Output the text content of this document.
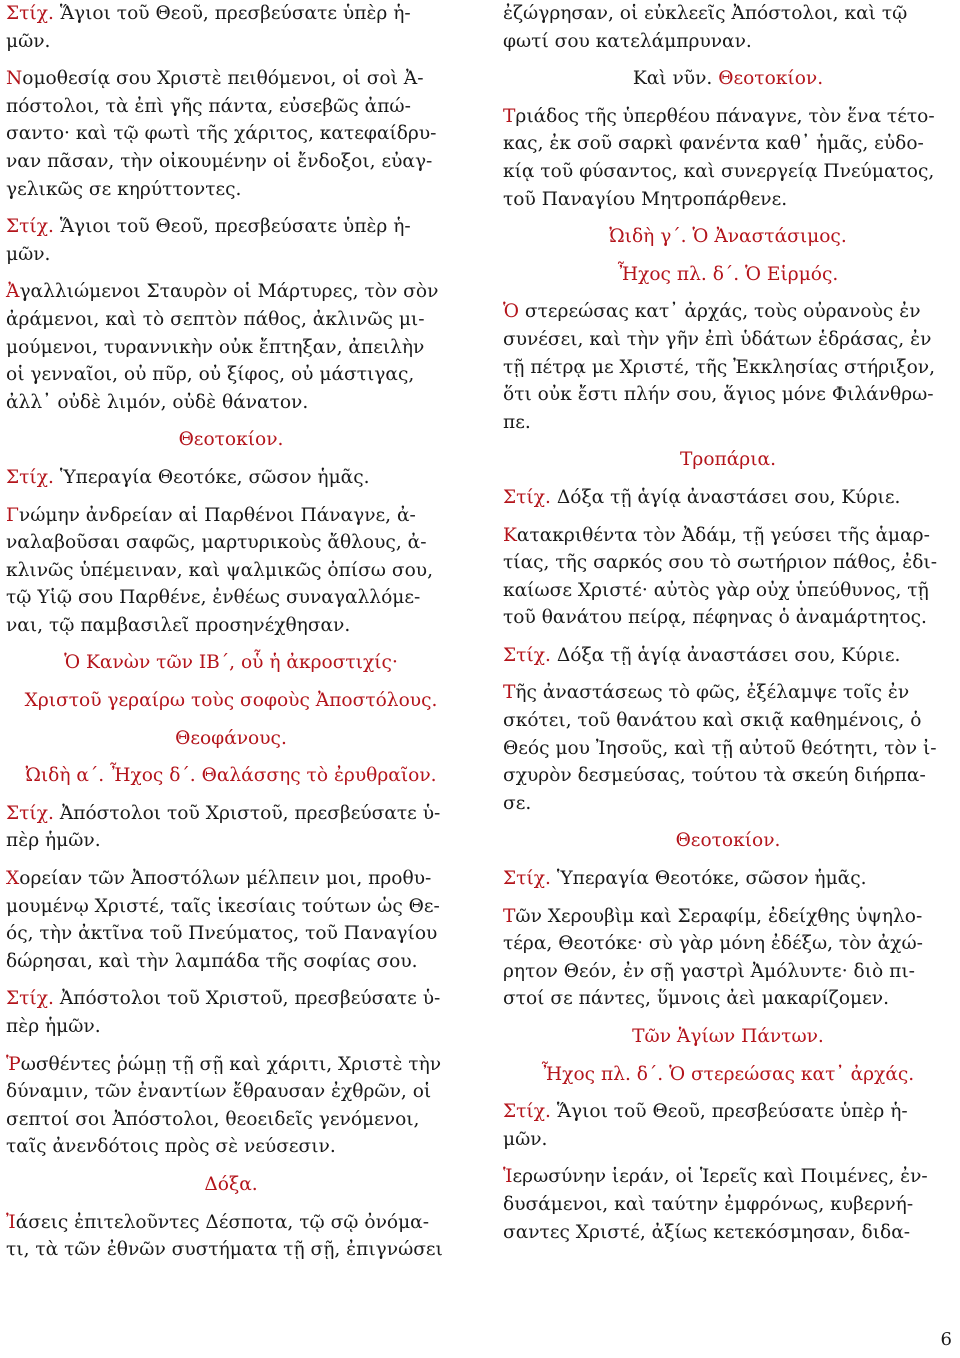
Στίχ. Ἅγιοι τοῦ Θεοῦ, πρεσβεύσατε ὑπὲρ ἡ-
μῶν.
Νομοθεσίᾳ σου Χριστὲ πειθόμενοι, οἱ σοὶ Ἀ-
πόστολοι, τὰ ἐπὶ γῆς πάντα, εὐσεβῶς ἀπώ-
σαντο· καὶ τῷ φωτὶ τῆς χάριτος, κατεφαίδρυ-
ναν πᾶσαν, τὴν οἰκουμένην οἱ ἔνδοξοι, εὐαγ-
γελικῶς σε κηρύττοντες.
Στίχ. Ἅγιοι τοῦ Θεοῦ, πρεσβεύσατε ὑπὲρ ἡ-
μῶν.
Ἀγαλλιώμενοι Σταυρὸν οἱ Μάρτυρες, τὸν σὸν
ἀράμενοι, καὶ τὸ σεπτὸν πάθος, ἀκλινῶς μι-
μούμενοι, τυραννικὴν οὐκ ἔπτηξαν, ἀπειλὴν
οἱ γενναῖοι, οὐ πῦρ, οὐ ξίφος, οὐ μάστιγας,
ἀλλ᾽ οὐδὲ λιμόν, οὐδὲ θάνατον.
Θεοτοκίον.
Στίχ. Ὑπεραγία Θεοτόκε, σῶσον ἡμᾶς.
Γνώμην ἀνδρείαν αἱ Παρθένοι Πάναγνε, ἀ-
ναλαβοῦσαι σαφῶς, μαρτυρικοὺς ἄθλους, ἀ-
κλινῶς ὑπέμειναν, καὶ ψαλμικῶς ὀπίσω σου,
τῷ Υἱῷ σου Παρθένε, ἐνθέως συναγαλλόμε-
ναι, τῷ παμβασιλεῖ προσηνέχθησαν.
Ὁ Κανὼν τῶν ΙΒ´, οὗ ἡ ἀκροστιχίς·
Χριστοῦ γεραίρω τοὺς σοφοὺς Ἀποστόλους.
Θεοφάνους.
Ὠιδὴ α´. Ἦχος δ´. Θαλάσσης τὸ ἐρυθραῖον.
Στίχ. Ἀπόστολοι τοῦ Χριστοῦ, πρεσβεύσατε ὑ-
πὲρ ἡμῶν.
Χορείαν τῶν Ἀποστόλων μέλπειν μοι, προθυ-
μουμένῳ Χριστέ, ταῖς ἱκεσίαις τούτων ὡς Θε-
ός, τὴν ἀκτῖνα τοῦ Πνεύματος, τοῦ Παναγίου
δώρησαι, καὶ τὴν λαμπάδα τῆς σοφίας σου.
Στίχ. Ἀπόστολοι τοῦ Χριστοῦ, πρεσβεύσατε ὑ-
πὲρ ἡμῶν.
Ῥωσθέντες ῥώμῃ τῇ σῇ καὶ χάριτι, Χριστὲ τὴν
δύναμιν, τῶν ἐναντίων ἔθραυσαν ἐχθρῶν, οἱ
σεπτοί σοι Ἀπόστολοι, θεοειδεῖς γενόμενοι,
ταῖς ἀνενδότοις πρὸς σὲ νεύσεσιν.
Δόξα.
Ἰάσεις ἐπιτελοῦντες Δέσποτα, τῷ σῷ ὀνόμα-
τι, τὰ τῶν ἐθνῶν συστήματα τῇ σῇ, ἐπιγνώσει
ἐζώγρησαν, οἱ εὐκλεεῖς Ἀπόστολοι, καὶ τῷ
φωτί σου κατελάμπρυναν.
Καὶ νῦν. Θεοτοκίον.
Τριάδος τῆς ὑπερθέου πάναγνε, τὸν ἕνα τέτο-
κας, ἐκ σοῦ σαρκὶ φανέντα καθ᾽ ἡμᾶς, εὐδο-
κίᾳ τοῦ φύσαντος, καὶ συνεργείᾳ Πνεύματος,
τοῦ Παναγίου Μητροπάρθενε.
Ὠιδὴ γ´. Ὁ Ἀναστάσιμος.
Ἦχος πλ. δ´. Ὁ Εἱρμός.
Ὁ στερεώσας κατ᾽ ἀρχάς, τοὺς οὐρανοὺς ἐν
συνέσει, καὶ τὴν γῆν ἐπὶ ὑδάτων ἑδράσας, ἐν
τῇ πέτρᾳ με Χριστέ, τῆς Ἐκκλησίας στήριξον,
ὅτι οὐκ ἔστι πλήν σου, ἅγιος μόνε Φιλάνθρω-
πε.
Τροπάρια.
Στίχ. Δόξα τῇ ἁγίᾳ ἀναστάσει σου, Κύριε.
Κατακριθέντα τὸν Ἀδάμ, τῇ γεύσει τῆς ἁμαρ-
τίας, τῆς σαρκός σου τὸ σωτήριον πάθος, ἐδι-
καίωσε Χριστέ· αὐτὸς γὰρ οὐχ ὑπεύθυνος, τῇ
τοῦ θανάτου πείρᾳ, πέφηνας ὁ ἀναμάρτητος.
Στίχ. Δόξα τῇ ἁγίᾳ ἀναστάσει σου, Κύριε.
Τῆς ἀναστάσεως τὸ φῶς, ἐξέλαμψε τοῖς ἐν
σκότει, τοῦ θανάτου καὶ σκιᾷ καθημένοις, ὁ
Θεός μου Ἰησοῦς, καὶ τῇ αὐτοῦ θεότητι, τὸν ἰ-
σχυρὸν δεσμεύσας, τούτου τὰ σκεύη διήρπα-
σε.
Θεοτοκίον.
Στίχ. Ὑπεραγία Θεοτόκε, σῶσον ἡμᾶς.
Τῶν Χερουβὶμ καὶ Σεραφίμ, ἐδείχθης ὑψηλο-
τέρα, Θεοτόκε· σὺ γὰρ μόνη ἐδέξω, τὸν ἀχώ-
ρητον Θεόν, ἐν σῇ γαστρὶ Ἀμόλυντε· διὸ πι-
στοί σε πάντες, ὕμνοις ἀεὶ μακαρίζομεν.
Τῶν Ἁγίων Πάντων.
Ἦχος πλ. δ´. Ὁ στερεώσας κατ᾽ ἀρχάς.
Στίχ. Ἅγιοι τοῦ Θεοῦ, πρεσβεύσατε ὑπὲρ ἡ-
μῶν.
Ἱερωσύνην ἱεράν, οἱ Ἱερεῖς καὶ Ποιμένες, ἐν-
δυσάμενοι, καὶ ταύτην ἐμφρόνως, κυβερνή-
σαντες Χριστέ, ἀξίως κετεκόσμησαν, διδα-
6
